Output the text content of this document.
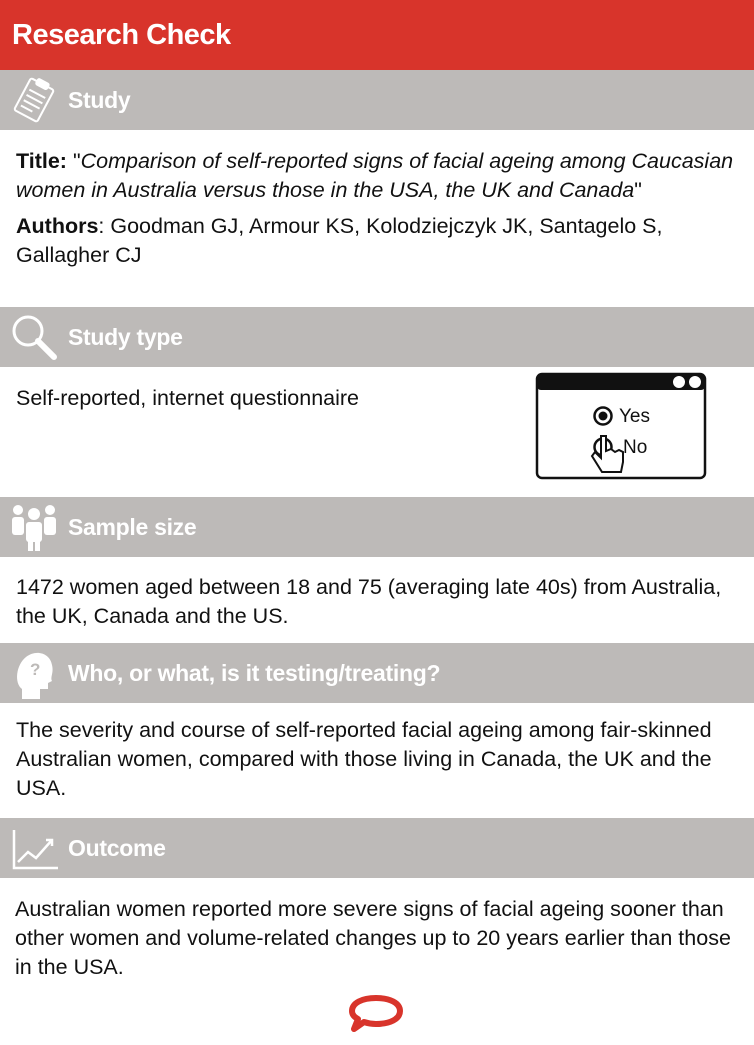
Research Check
Study

Title: "Comparison of self-reported signs of facial ageing among Caucasian women in Australia versus those in the USA, the UK and Canada"

Authors: Goodman GJ, Armour KS, Kolodziejczyk JK, Santagelo S, Gallagher CJ

Study type
Self-reported, internet questionnaire
Yes
No
Sample size
1472 women aged between 18 and 75 (averaging late 40s) from Australia, the UK, Canada and the US.
? Who, or what, is it testing/treating?
The severity and course of self-reported facial ageing among fair-skinned Australian women, compared with those living in Canada, the UK and the USA.
Outcome
Australian women reported more severe signs of facial ageing sooner than other women and volume-related changes up to 20 years earlier than those in the USA.
